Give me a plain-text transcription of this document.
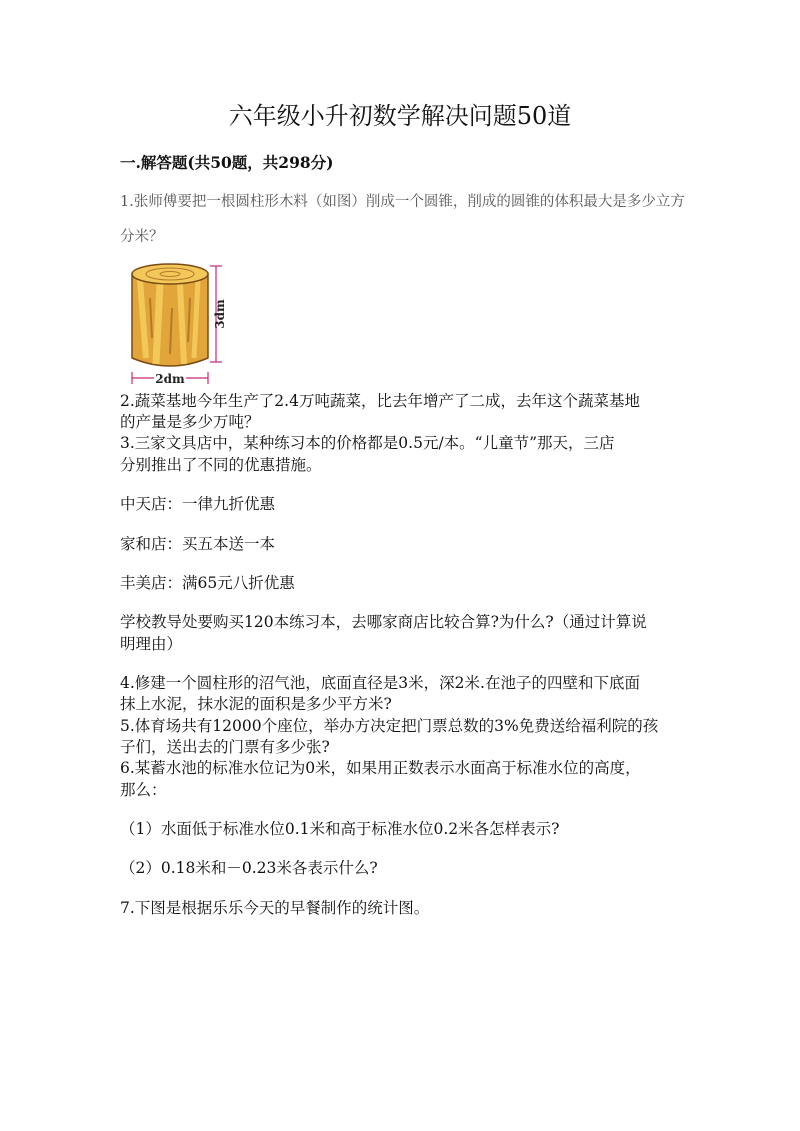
六年级小升初数学解决问题50道
一.解答题(共50题，共298分)
1.张师傅要把一根圆柱形木料（如图）削成一个圆锥，削成的圆锥的体积最大是多少立方
分米？
3dm
2dm
2.蔬菜基地今年生产了2.4万吨蔬菜，比去年增产了二成，去年这个蔬菜基地
的产量是多少万吨？
3.三家文具店中，某种练习本的价格都是0.5元/本。“儿童节”那天，三店
分别推出了不同的优惠措施。
中天店：一律九折优惠
家和店：买五本送一本
丰美店：满65元八折优惠
学校教导处要购买120本练习本，去哪家商店比较合算?为什么?（通过计算说
明理由）
4.修建一个圆柱形的沼气池，底面直径是3米，深2米.在池子的四壁和下底面
抹上水泥，抹水泥的面积是多少平方米?
5.体育场共有12000个座位，举办方决定把门票总数的3%免费送给福利院的孩
子们，送出去的门票有多少张?
6.某蓄水池的标准水位记为0米，如果用正数表示水面高于标准水位的高度，
那么：
（1）水面低于标准水位0.1米和高于标准水位0.2米各怎样表示?
（2）0.18米和－0.23米各表示什么?
7.下图是根据乐乐今天的早餐制作的统计图。
